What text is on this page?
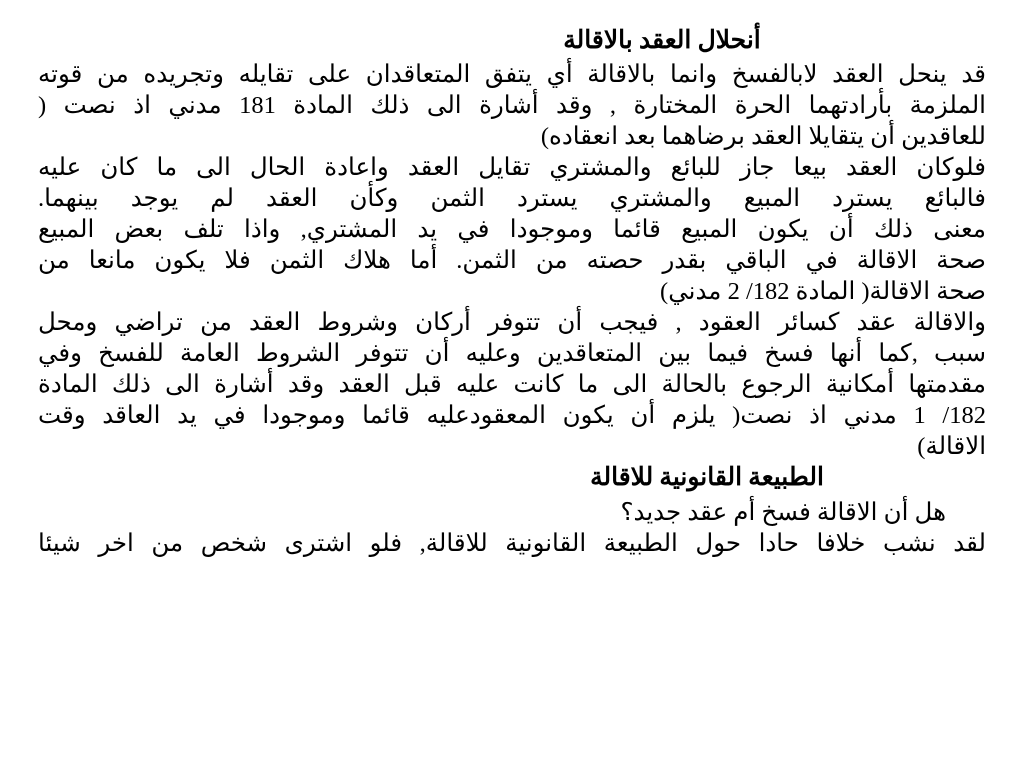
أنحلال العقد بالاقالة
قد ينحل العقد لابالفسخ وانما بالاقالة أي يتفق المتعاقدان على تقايله وتجريده من قوته
الملزمة بأرادتهما الحرة المختارة , وقد أشارة الى ذلك المادة 181 مدني اذ نصت (
للعاقدين أن يتقايلا العقد برضاهما بعد انعقاده)
فلوكان العقد بيعا جاز للبائع والمشتري تقايل العقد واعادة الحال الى ما كان عليه
فالبائع يسترد المبيع والمشتري يسترد الثمن وكأن العقد لم يوجد بينهما.
معنى ذلك أن يكون المبيع قائما وموجودا في يد المشتري, واذا تلف بعض المبيع
صحة الاقالة في الباقي بقدر حصته من الثمن. أما هلاك الثمن فلا يكون مانعا من
صحة الاقالة( المادة 182/ 2 مدني)
والاقالة عقد كسائر العقود , فيجب أن تتوفر أركان وشروط العقد من تراضي ومحل
سبب ,كما أنها فسخ فيما بين المتعاقدين وعليه أن تتوفر الشروط العامة للفسخ وفي
مقدمتها أمكانية الرجوع بالحالة الى ما كانت عليه قبل العقد وقد أشارة الى ذلك المادة
182/ 1 مدني اذ نصت( يلزم أن يكون المعقودعليه قائما وموجودا في يد العاقد وقت
الاقالة)
الطبيعة القانونية للاقالة
هل أن الاقالة فسخ أم عقد جديد؟
لقد نشب خلافا حادا حول الطبيعة القانونية للاقالة, فلو اشترى شخص من اخر شيئا
